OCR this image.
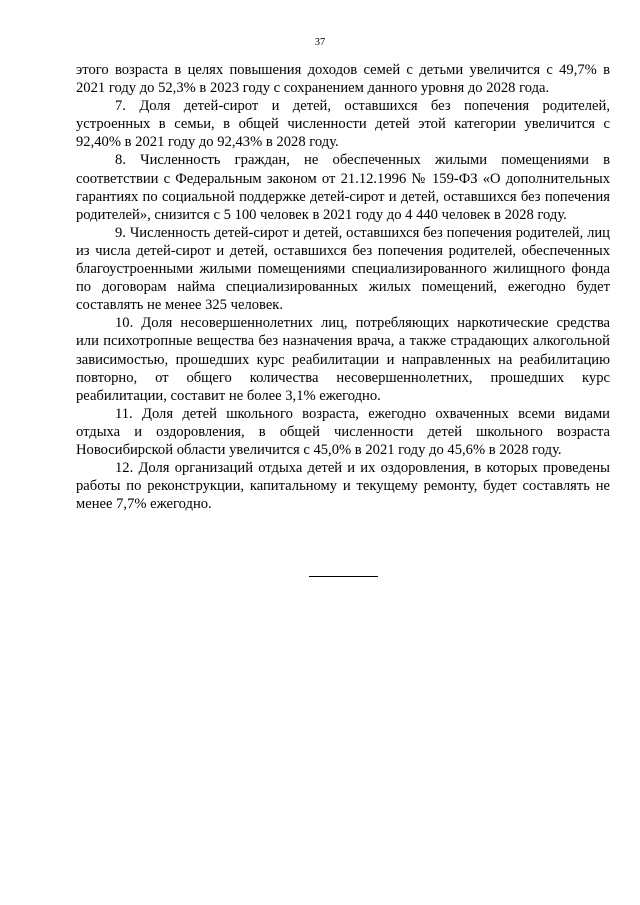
37

этого возраста в целях повышения доходов семей с детьми увеличится с 49,7% в 2021 году до 52,3% в 2023 году с сохранением данного уровня до 2028 года.

7. Доля детей-сирот и детей, оставшихся без попечения родителей, устроенных в семьи, в общей численности детей этой категории увеличится с 92,40% в 2021 году до 92,43% в 2028 году.

8. Численность граждан, не обеспеченных жилыми помещениями в соответствии с Федеральным законом от 21.12.1996 № 159-ФЗ «О дополнительных гарантиях по социальной поддержке детей-сирот и детей, оставшихся без попечения родителей», снизится с 5 100 человек в 2021 году до 4 440 человек в 2028 году.

9. Численность детей-сирот и детей, оставшихся без попечения родителей, лиц из числа детей-сирот и детей, оставшихся без попечения родителей, обеспеченных благоустроенными жилыми помещениями специализированного жилищного фонда по договорам найма специализированных жилых помещений, ежегодно будет составлять не менее 325 человек.

10. Доля несовершеннолетних лиц, потребляющих наркотические средства или психотропные вещества без назначения врача, а также страдающих алкогольной зависимостью, прошедших курс реабилитации и направленных на реабилитацию повторно, от общего количества несовершеннолетних, прошедших курс реабилитации, составит не более 3,1% ежегодно.

11. Доля детей школьного возраста, ежегодно охваченных всеми видами отдыха и оздоровления, в общей численности детей школьного возраста Новосибирской области увеличится с 45,0% в 2021 году до 45,6% в 2028 году.

12. Доля организаций отдыха детей и их оздоровления, в которых проведены работы по реконструкции, капитальному и текущему ремонту, будет составлять не менее 7,7% ежегодно.
